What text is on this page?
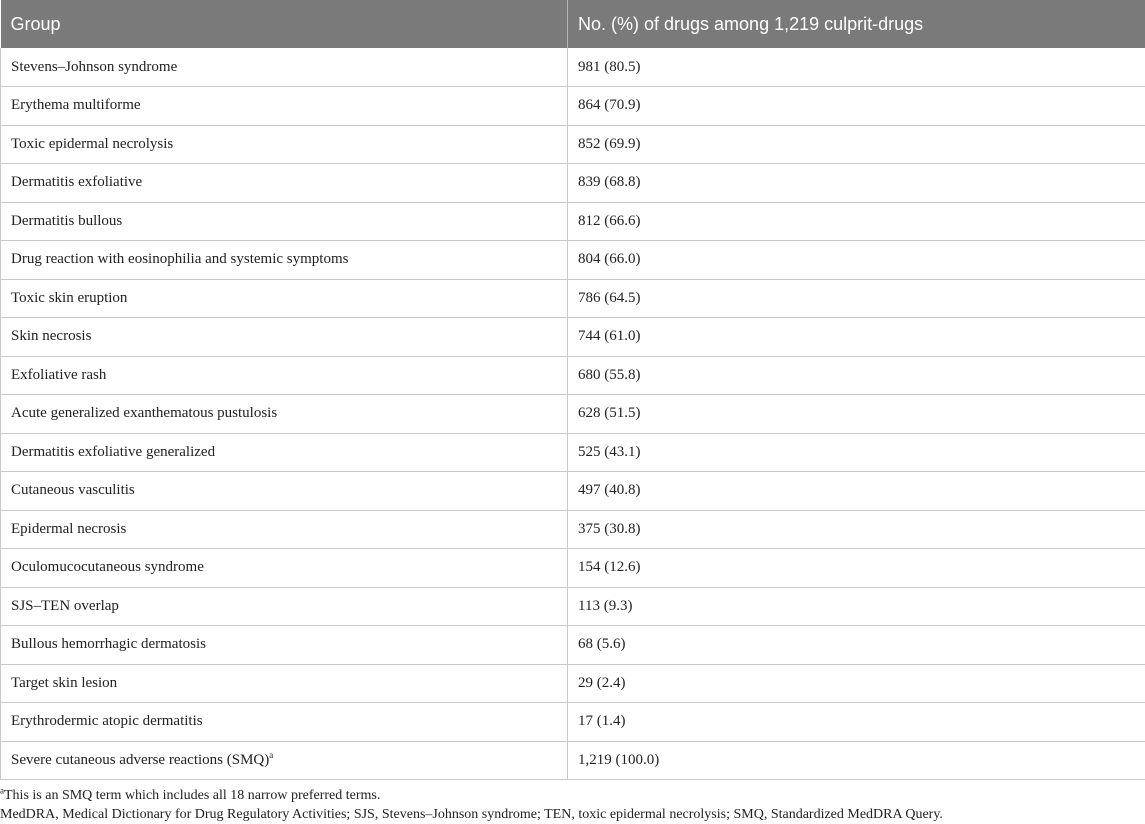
Group	No. (%) of drugs among 1,219 culprit-drugs
Stevens–Johnson syndrome	981 (80.5)
Erythema multiforme	864 (70.9)
Toxic epidermal necrolysis	852 (69.9)
Dermatitis exfoliative	839 (68.8)
Dermatitis bullous	812 (66.6)
Drug reaction with eosinophilia and systemic symptoms	804 (66.0)
Toxic skin eruption	786 (64.5)
Skin necrosis	744 (61.0)
Exfoliative rash	680 (55.8)
Acute generalized exanthematous pustulosis	628 (51.5)
Dermatitis exfoliative generalized	525 (43.1)
Cutaneous vasculitis	497 (40.8)
Epidermal necrosis	375 (30.8)
Oculomucocutaneous syndrome	154 (12.6)
SJS–TEN overlap	113 (9.3)
Bullous hemorrhagic dermatosis	68 (5.6)
Target skin lesion	29 (2.4)
Erythrodermic atopic dermatitis	17 (1.4)
Severe cutaneous adverse reactions (SMQ)$^a$	1,219 (100.0)

$^a$This is an SMQ term which includes all 18 narrow preferred terms.

MedDRA, Medical Dictionary for Drug Regulatory Activities; SJS, Stevens–Johnson syndrome; TEN, toxic epidermal necrolysis; SMQ, Standardized MedDRA Query.
